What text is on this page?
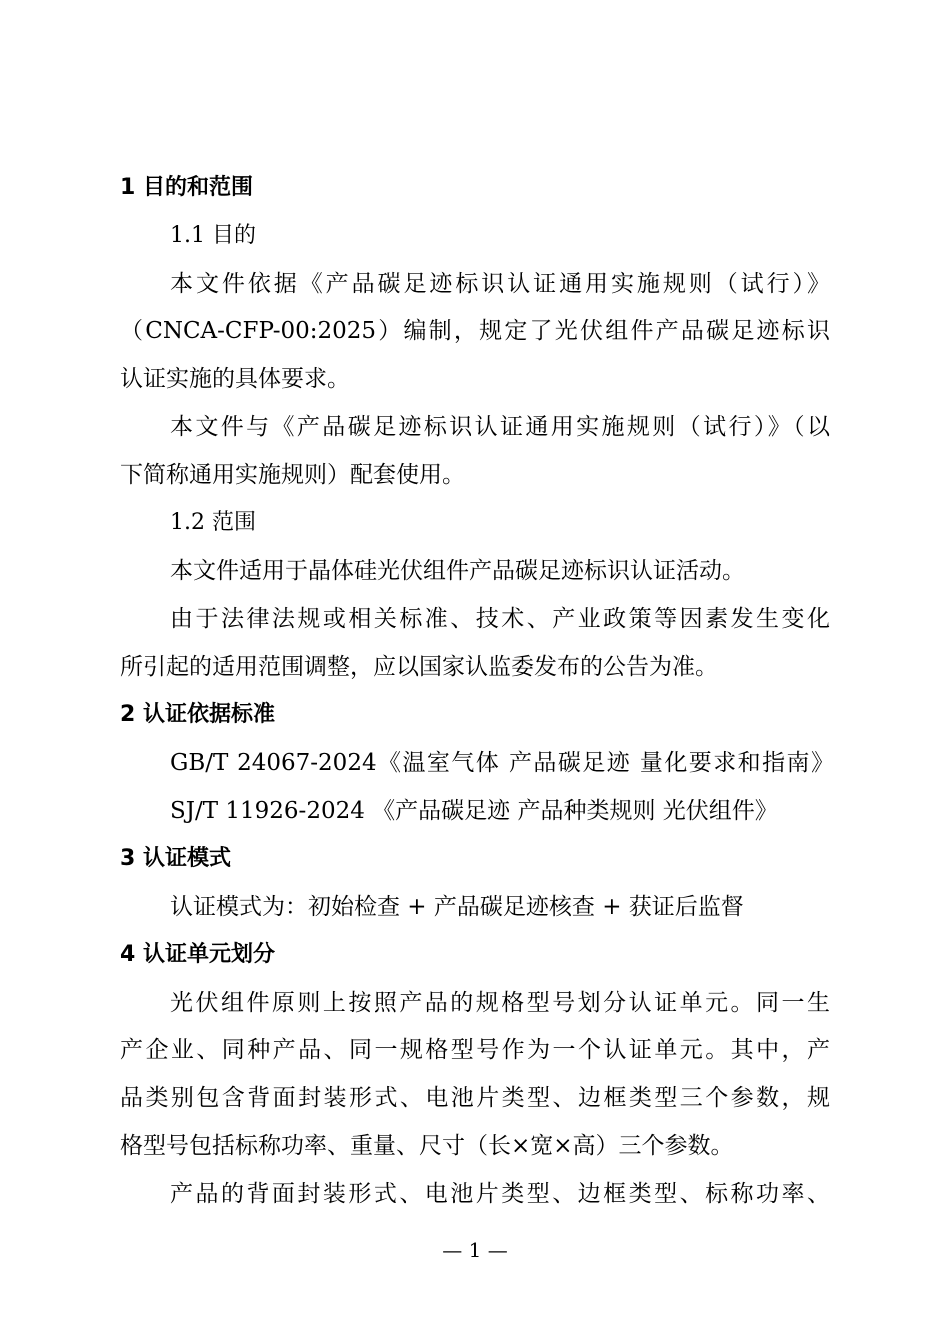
1 目的和范围
1.1 目的
本文件依据《产品碳足迹标识认证通用实施规则（试行）》
（CNCA-CFP-00:2025）编制，规定了光伏组件产品碳足迹标识
认证实施的具体要求。
本文件与《产品碳足迹标识认证通用实施规则（试行）》（以
下简称通用实施规则）配套使用。
1.2 范围
本文件适用于晶体硅光伏组件产品碳足迹标识认证活动。
由于法律法规或相关标准、技术、产业政策等因素发生变化
所引起的适用范围调整，应以国家认监委发布的公告为准。
2 认证依据标准
GB/T 24067-2024《温室气体 产品碳足迹 量化要求和指南》
SJ/T 11926-2024 《产品碳足迹 产品种类规则 光伏组件》
3 认证模式
认证模式为：初始检查 + 产品碳足迹核查 + 获证后监督
4 认证单元划分
光伏组件原则上按照产品的规格型号划分认证单元。同一生
产企业、同种产品、同一规格型号作为一个认证单元。其中，产
品类别包含背面封装形式、电池片类型、边框类型三个参数，规
格型号包括标称功率、重量、尺寸（长×宽×高）三个参数。
产品的背面封装形式、电池片类型、边框类型、标称功率、
— 1 —
